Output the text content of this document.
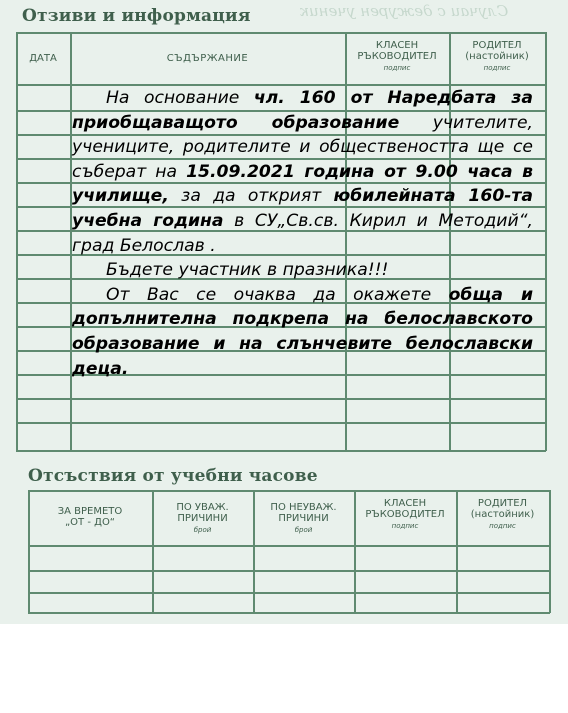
Случаи с дежурен ученик
Отзиви и информация
ДАТА	СЪДЪРЖАНИЕ
КЛАСЕН
РЪКОВОДИТЕЛ
подпис
РОДИТЕЛ
(настойник)
подпис

На основание чл. 160 от Наредбата за приобщаващото образование учителите, учениците, родителите и обществеността ще се съберат на 15.09.2021 година от 9.00 часа в училище, за да открият юбилейната 160-та учебна година в СУ„Св.св. Кирил и Методий“, град Белослав .

Бъдете участник в празника!!!

От Вас се очаква да окажете обща и допълнителна подкрепа на белославското образование и на слънчевите белославски деца.

Отсъствия от учебни часове
ЗА ВРЕМЕТО
„ОТ - ДО“
ПО УВАЖ.
ПРИЧИНИ
брой
ПО НЕУВАЖ.
ПРИЧИНИ
брой
КЛАСЕН
РЪКОВОДИТЕЛ
подпис
РОДИТЕЛ
(настойник)
подпис
